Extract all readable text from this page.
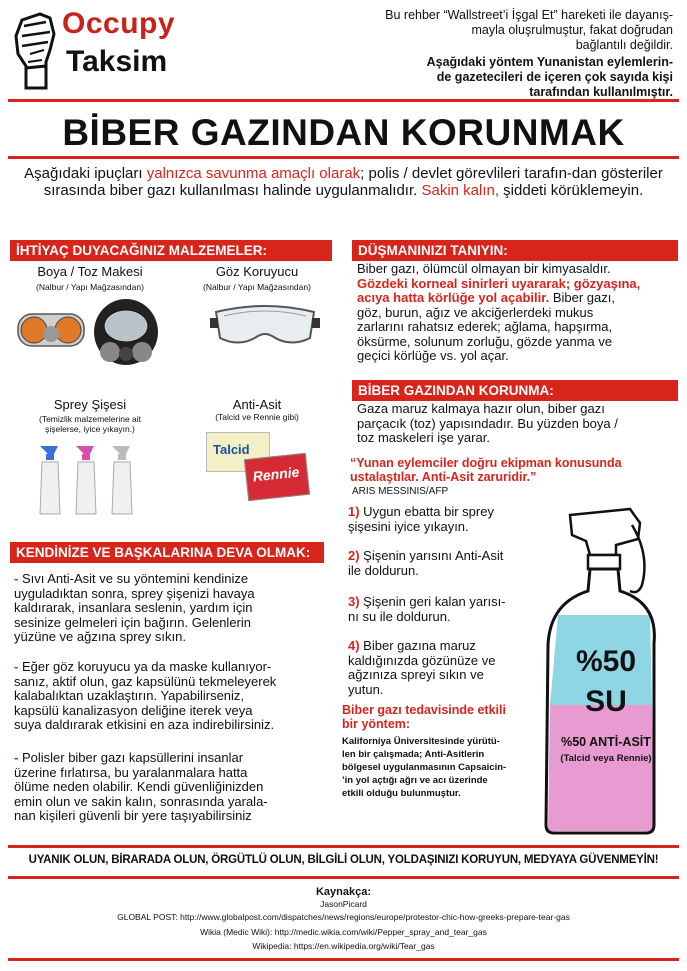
Occupy
Taksim
Bu rehber “Wallstreet’i İşgal Et” hareketi ile dayanış-
mayla oluşrulmuştur, fakat doğrudan
bağlantılı değildir.
Aşağıdaki yöntem Yunanistan eylemlerin-
de gazetecileri de içeren çok sayıda kişi
tarafından kullanılmıştır.
BİBER GAZINDAN KORUNMAK
Aşağıdaki ipuçları yalnızca savunma amaçlı olarak; polis / devlet görevlileri tarafın-dan gösteriler sırasında biber gazı kullanılması halinde uygulanmalıdır. Sakin kalın, şiddeti körüklemeyin.
İHTİYAÇ DUYACAĞINIZ MALZEMELER:
Boya / Toz Makesi
(Nalbur / Yapı Mağzasından)
Göz Koruyucu
(Nalbur / Yapı Mağzasından)
Sprey Şişesi
(Temizlik malzemelerine ait
şişelerse, iyice yıkayın.)
Anti-Asit
(Talcid ve Rennie gibi)
Talcid
Rennie
DÜŞMANINIZI TANIYIN:
Biber gazı, ölümcül olmayan bir kimyasaldır.
Gözdeki korneal sinirleri uyararak; gözyaşına,
acıya hatta körlüğe yol açabilir. Biber gazı,
göz, burun, ağız ve akciğerlerdeki mukus
zarlarını rahatsız ederek; ağlama, hapşırma,
öksürme, solunum zorluğu, gözde yanma ve
geçici körlüğe vs. yol açar.
BİBER GAZINDAN KORUNMA:
Gaza maruz kalmaya hazır olun, biber gazı
parçacık (toz) yapısındadır. Bu yüzden boya /
toz maskeleri işe yarar.
“Yunan eylemciler doğru ekipman konusunda
ustalaştılar. Anti-Asit zaruridir.”
ARIS MESSINIS/AFP
1) Uygun ebatta bir sprey
şişesini iyice yıkayın.
2) Şişenin yarısını Anti-Asit
ile doldurun.
3) Şişenin geri kalan yarısı-
nı su ile doldurun.
4) Biber gazına maruz
kaldığınızda gözünüze ve
ağzınıza spreyi sıkın ve
yutun.
Biber gazı tedavisinde etkili
bir yöntem:
Kaliforniya Üniversitesinde yürütü-
len bir çalışmada; Anti-Asitlerin
bölgesel uygulanmasının Capsaicin-
’in yol açtığı ağrı ve acı üzerinde
etkili olduğu bulunmuştur.
%50
SU
%50 ANTİ-ASİT
(Talcid veya Rennie)
KENDİNİZE VE BAŞKALARINA DEVA OLMAK:
- Sıvı Anti-Asit ve su yöntemini kendinize
uyguladıktan sonra, sprey şişenizi havaya
kaldırarak, insanlara seslenin, yardım için
sesinize gelmeleri için bağırın. Gelenlerin
yüzüne ve ağzına sprey sıkın.
- Eğer göz koruyucu ya da maske kullanıyor-
sanız, aktif olun, gaz kapsülünü tekmeleyerek
kalabalıktan uzaklaştırın. Yapabilirseniz,
kapsülü kanalizasyon deliğine iterek veya
suya daldırarak etkisini en aza indirebilirsiniz.
- Polisler biber gazı kapsüllerini insanlar
üzerine fırlatırsa, bu yaralanmalara hatta
ölüme neden olabilir. Kendi güvenliğinizden
emin olun ve sakin kalın, sonrasında yarala-
nan kişileri güvenli bir yere taşıyabilirsiniz
UYANIK OLUN, BİRARADA OLUN, ÖRGÜTLÜ OLUN, BİLGİLİ OLUN, YOLDAŞINIZI KORUYUN, MEDYAYA GÜVENMEYİN!
Kaynakça:
JasonPicard
GLOBAL POST: http://www.globalpost.com/dispatches/news/regions/europe/protestor-chic-how-greeks-prepare-tear-gas
Wikia (Medic Wiki): http://medic.wikia.com/wiki/Pepper_spray_and_tear_gas
Wikipedia: https://en.wikipedia.org/wiki/Tear_gas
